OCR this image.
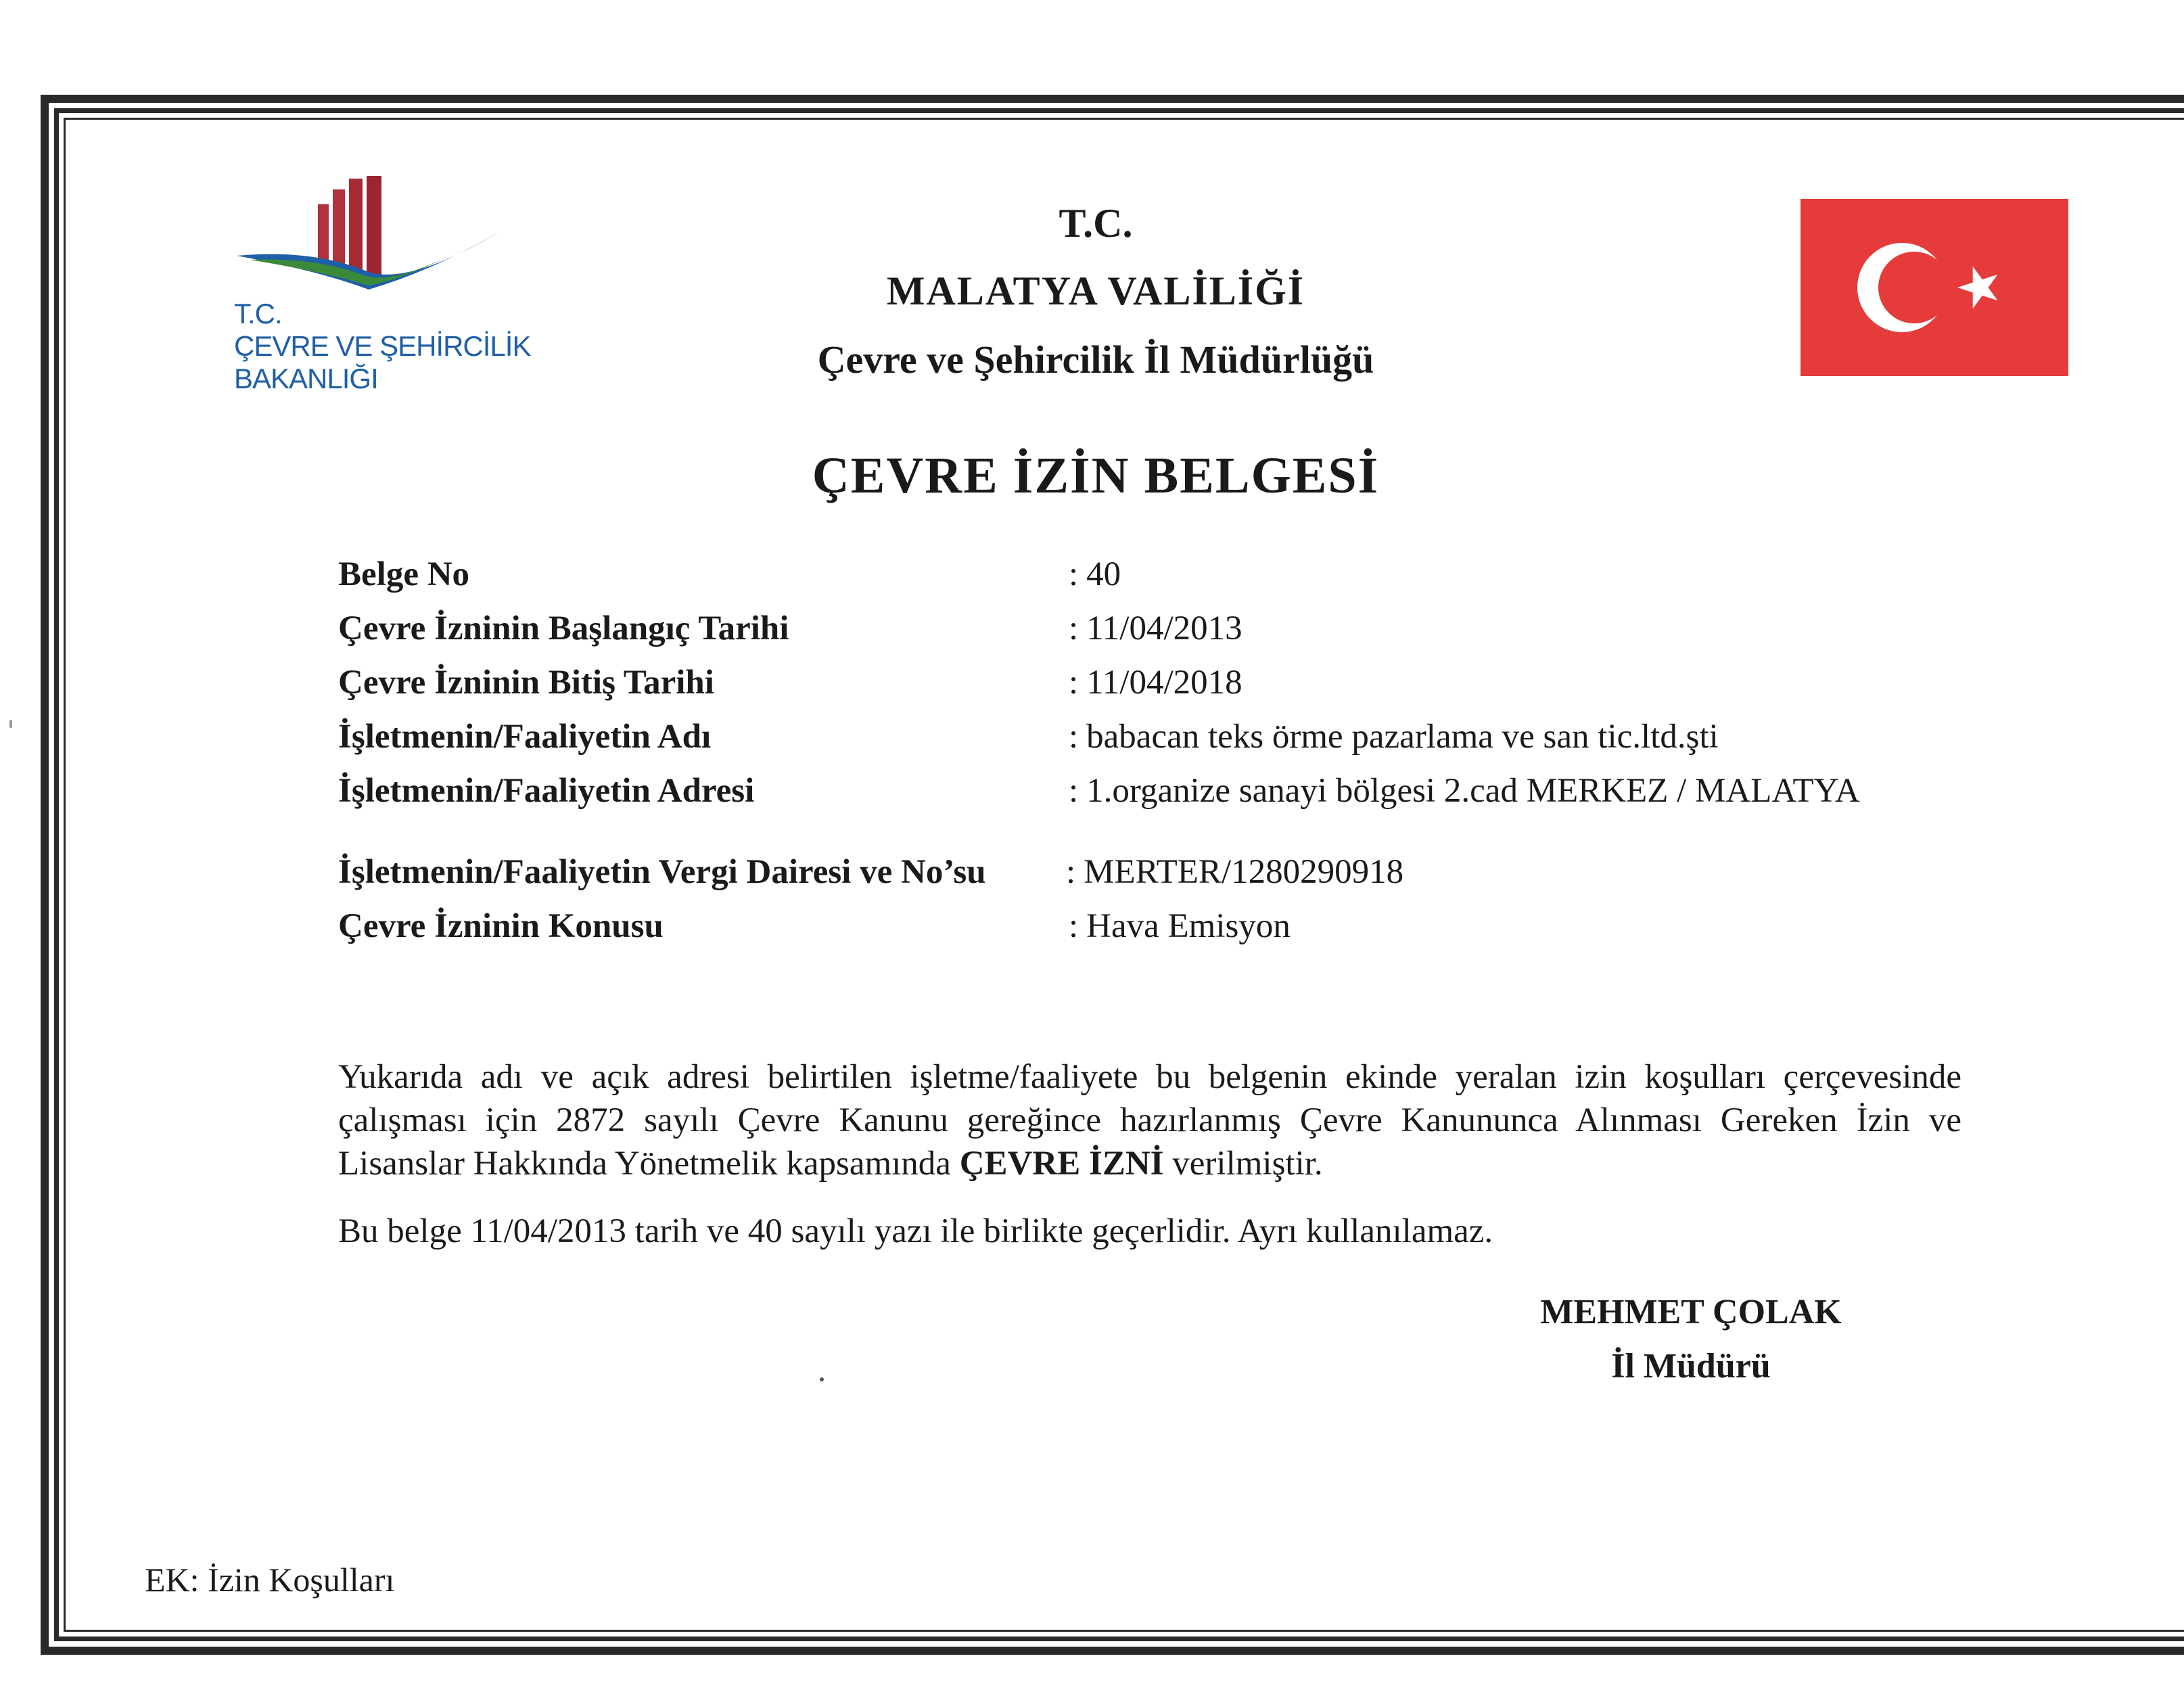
T.C.
ÇEVRE VE ŞEHİRCİLİK
BAKANLIĞI
T.C.
MALATYA VALİLİĞİ
Çevre ve Şehircilik İl Müdürlüğü
ÇEVRE İZİN BELGESİ
Belge No	: 40
Çevre İzninin Başlangıç Tarihi	: 11/04/2013
Çevre İzninin Bitiş Tarihi	: 11/04/2018
İşletmenin/Faaliyetin Adı	: babacan teks örme pazarlama ve san tic.ltd.şti
İşletmenin/Faaliyetin Adresi	: 1.organize sanayi bölgesi 2.cad MERKEZ / MALATYA
İşletmenin/Faaliyetin Vergi Dairesi ve No’su : MERTER/1280290918
Çevre İzninin Konusu	: Hava Emisyon
Yukarıda adı ve açık adresi belirtilen işletme/faaliyete bu belgenin ekinde yeralan izin koşulları çerçevesinde çalışması için 2872 sayılı Çevre Kanunu gereğince hazırlanmış Çevre Kanununca Alınması Gereken İzin ve Lisanslar Hakkında Yönetmelik kapsamında ÇEVRE İZNİ verilmiştir.
Bu belge 11/04/2013 tarih ve 40 sayılı yazı ile birlikte geçerlidir. Ayrı kullanılamaz.
MEHMET ÇOLAK
İl Müdürü
EK: İzin Koşulları
